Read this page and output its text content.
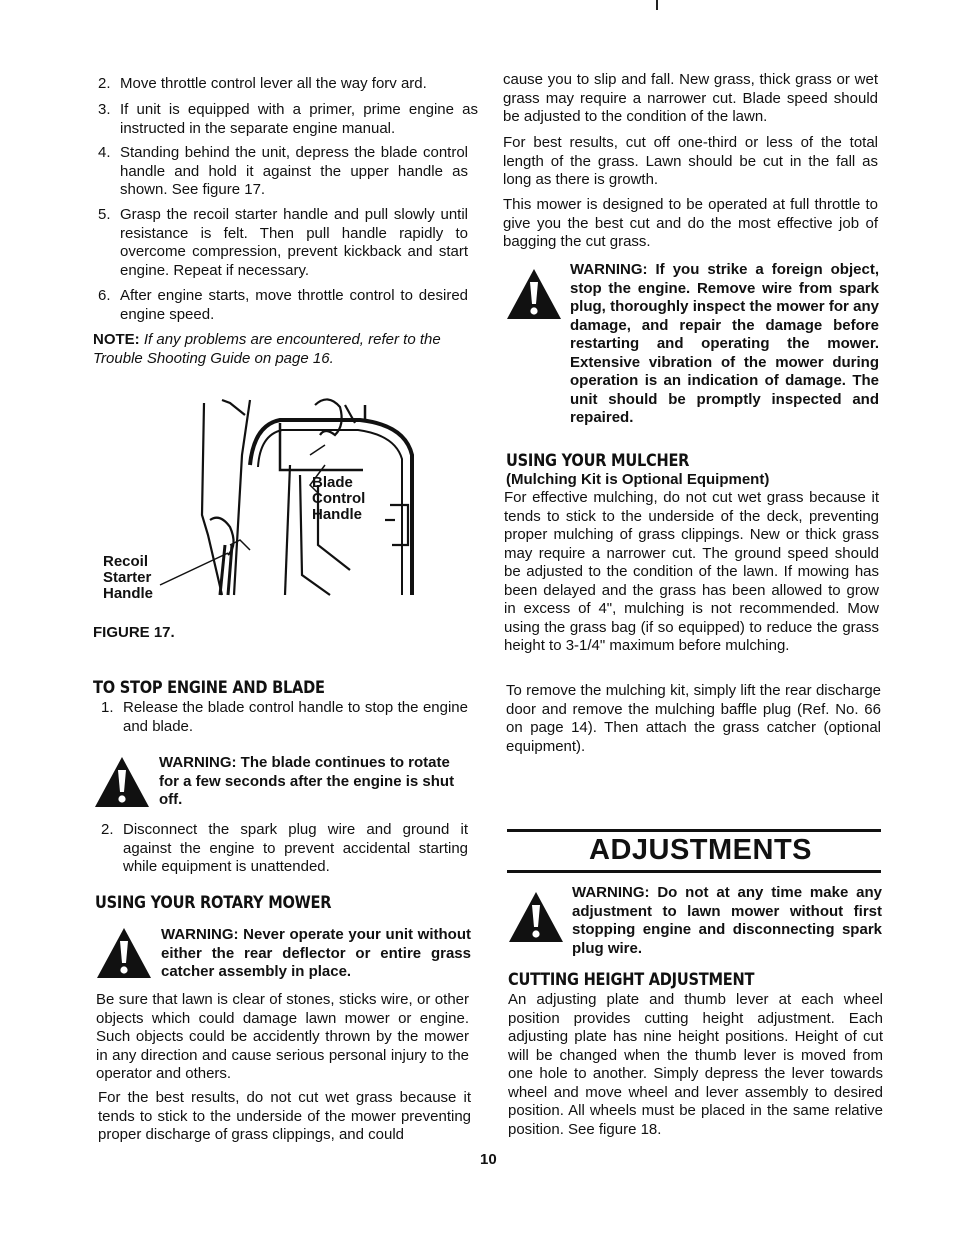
2. Move throttle control lever all the way forv ard.

3. If unit is equipped with a primer, prime engine as instructed in the separate engine manual.

4. Standing behind the unit, depress the blade control handle and hold it against the upper handle as shown. See figure 17.

5. Grasp the recoil starter handle and pull slowly until resistance is felt. Then pull handle rapidly to overcome compression, prevent kickback and start engine. Repeat if necessary.

6. After engine starts, move throttle control to desired engine speed.

NOTE: If any problems are encountered, refer to the Trouble Shooting Guide on page 16.
Blade Control Handle
Recoil Starter Handle
FIGURE 17.
TO STOP ENGINE AND BLADE
1. Release the blade control handle to stop the engine and blade.

WARNING: The blade continues to rotate for a few seconds after the engine is shut off.
2. Disconnect the spark plug wire and ground it against the engine to prevent accidental starting while equipment is unattended.

USING YOUR ROTARY MOWER
WARNING: Never operate your unit without either the rear deflector or entire grass catcher assembly in place.

Be sure that lawn is clear of stones, sticks wire, or other objects which could damage lawn mower or engine. Such objects could be accidently thrown by the mower in any direction and cause serious personal injury to the operator and others.

For the best results, do not cut wet grass because it tends to stick to the underside of the mower preventing proper discharge of grass clippings, and could

cause you to slip and fall. New grass, thick grass or wet grass may require a narrower cut. Blade speed should be adjusted to the condition of the lawn.

For best results, cut off one-third or less of the total length of the grass. Lawn should be cut in the fall as long as there is growth.

This mower is designed to be operated at full throttle to give you the best cut and do the most effective job of bagging the cut grass.

WARNING: If you strike a foreign object, stop the engine. Remove wire from spark plug, thoroughly inspect the mower for any damage, and repair the damage before restarting and operating the mower. Extensive vibration of the mower during operation is an indication of damage. The unit should be promptly inspected and repaired.
USING YOUR MULCHER
(Mulching Kit is Optional Equipment)

For effective mulching, do not cut wet grass because it tends to stick to the underside of the deck, preventing proper mulching of grass clippings. New or thick grass may require a narrower cut. The ground speed should be adjusted to the condition of the lawn. If mowing has been delayed and the grass has been allowed to grow in excess of 4", mulching is not recommended. Mow using the grass bag (if so equipped) to reduce the grass height to 3-1/4" maximum before mulching.

To remove the mulching kit, simply lift the rear discharge door and remove the mulching baffle plug (Ref. No. 66 on page 14). Then attach the grass catcher (optional equipment).

ADJUSTMENTS
WARNING: Do not at any time make any adjustment to lawn mower without first stopping engine and disconnecting spark plug wire.
CUTTING HEIGHT ADJUSTMENT

An adjusting plate and thumb lever at each wheel position provides cutting height adjustment. Each adjusting plate has nine height positions. Height of cut will be changed when the thumb lever is moved from one hole to another. Simply depress the lever towards wheel and move wheel and lever assembly to desired position. All wheels must be placed in the same relative position. See figure 18.

10
